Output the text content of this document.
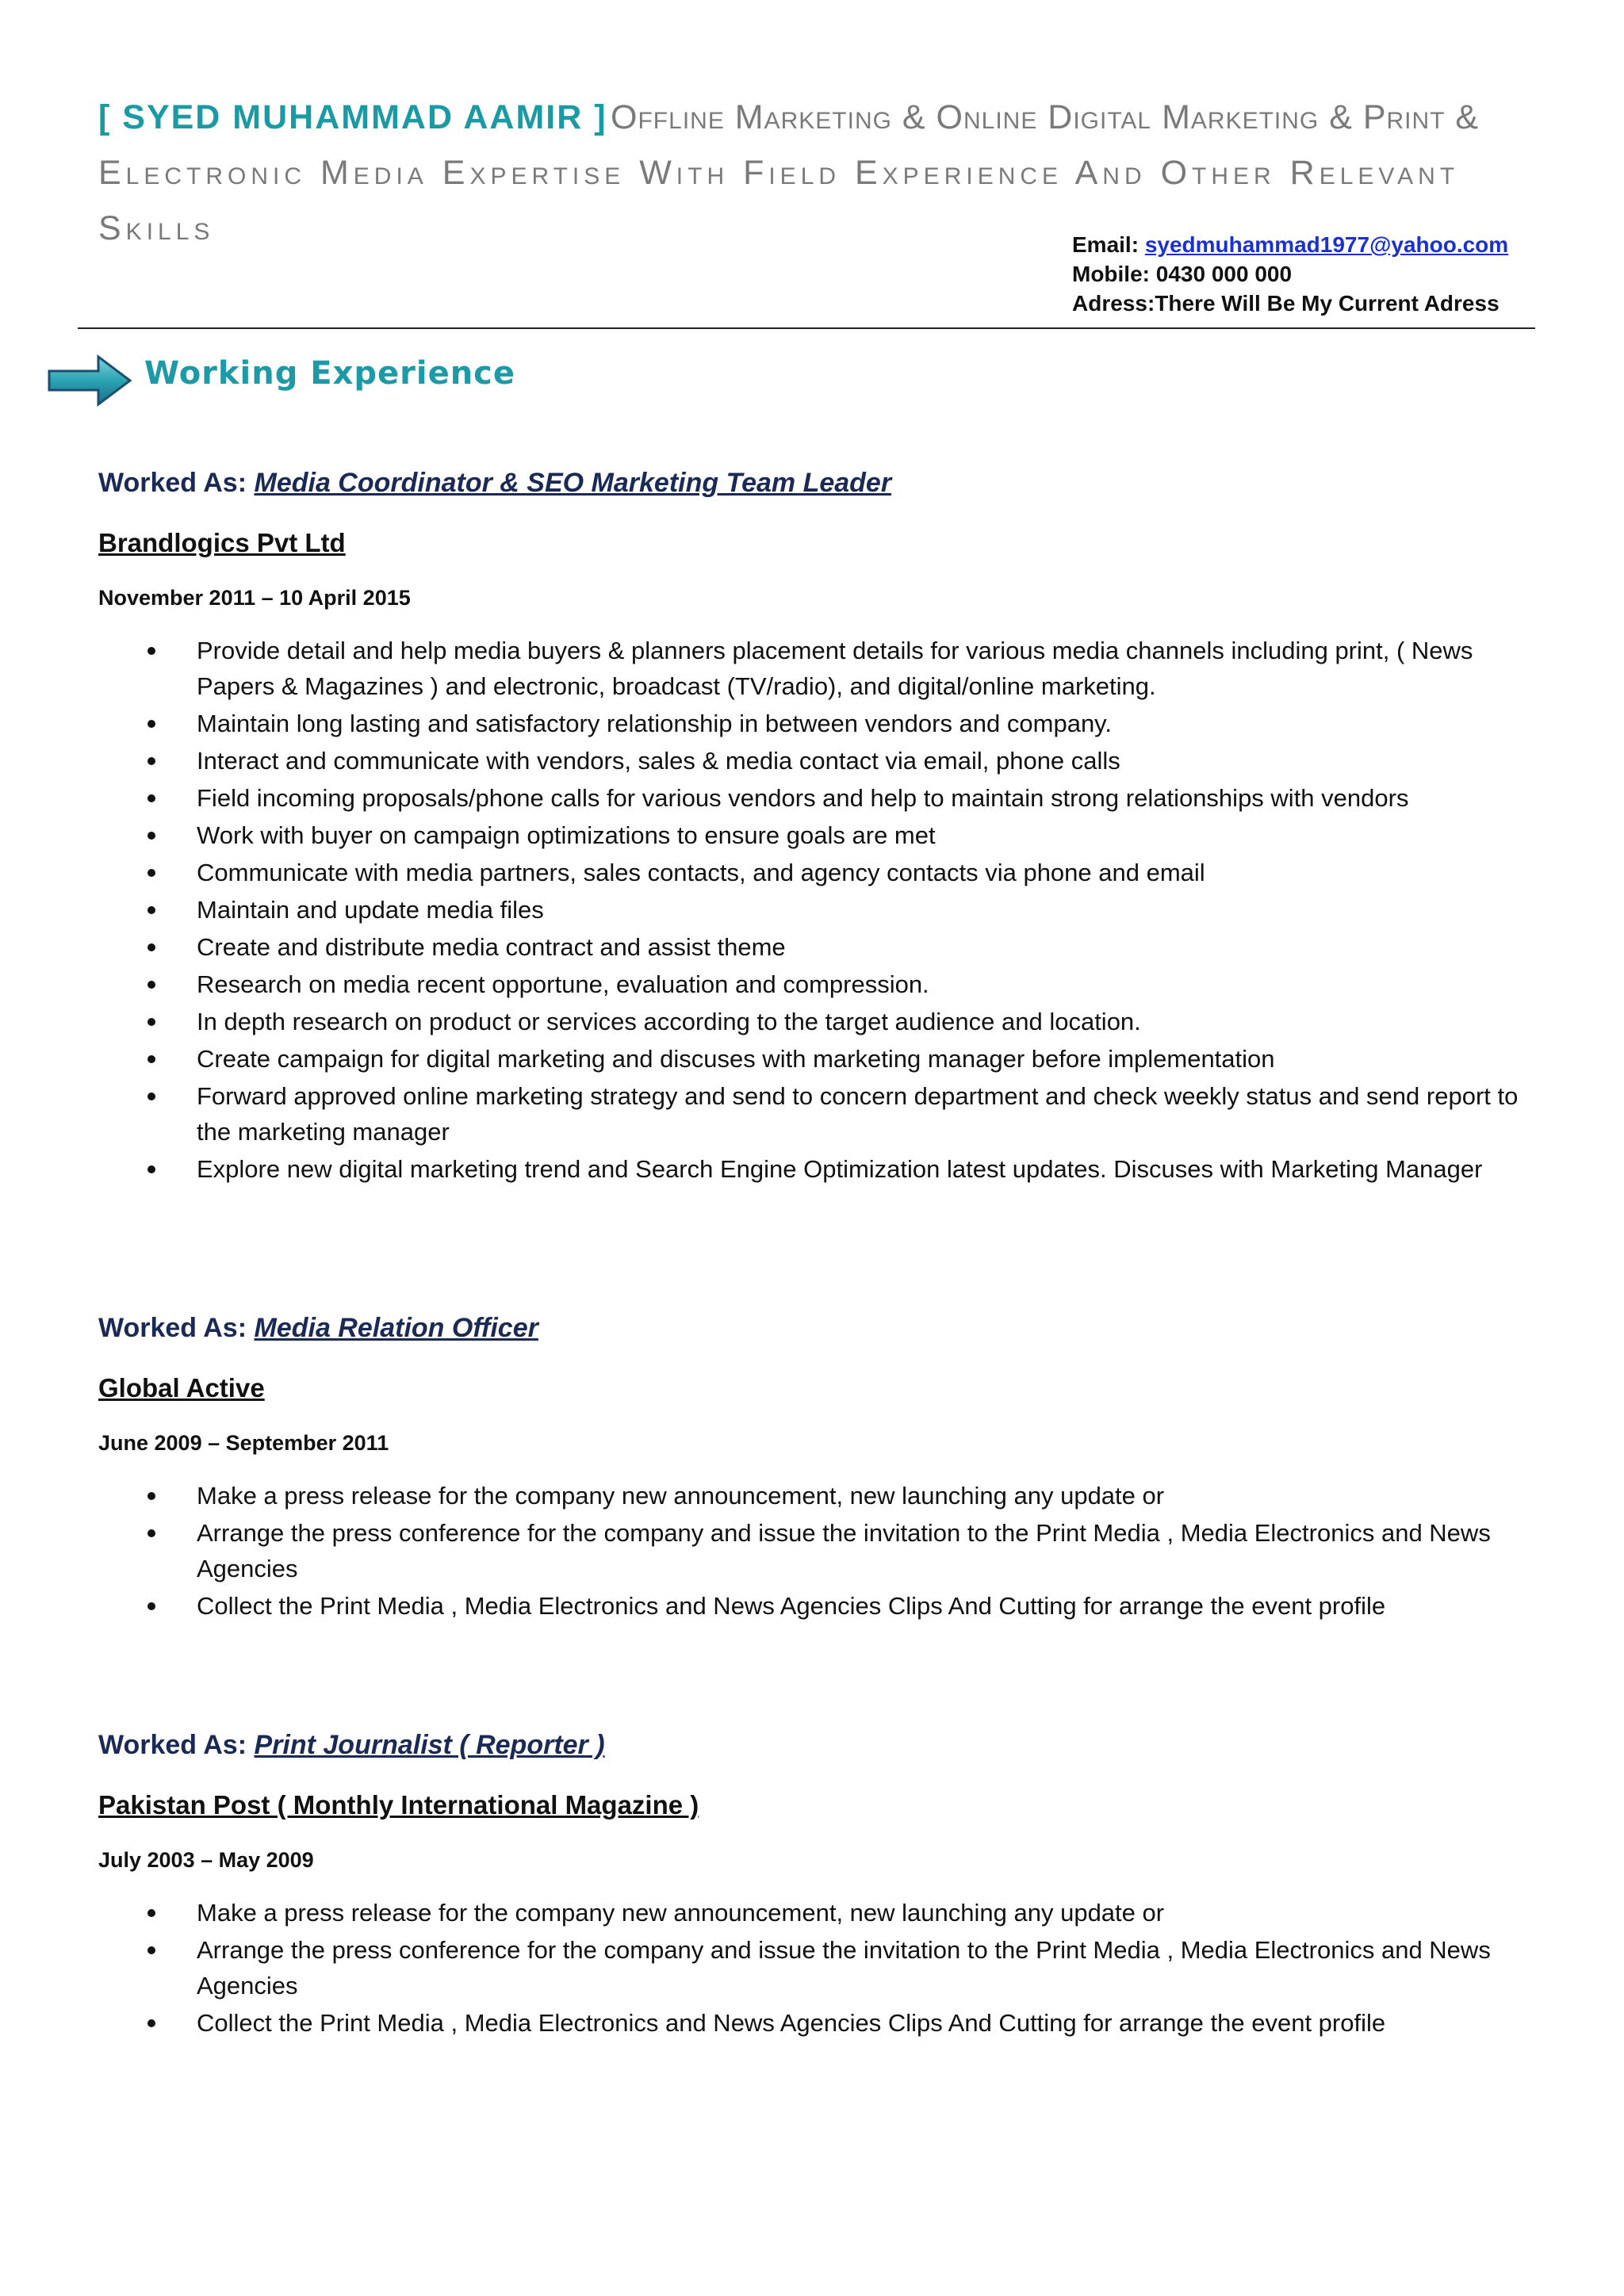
[ SYED MUHAMMAD AAMIR ] Offline Marketing & Online Digital Marketing & Print &
Electronic Media Expertise With Field Experience And Other Relevant Skills	Email: syedmuhammad1977@yahoo.com
Mobile: 0430 000 000
Adress:There Will Be My Current Adress
Working Experience
Worked As: Media Coordinator & SEO Marketing Team Leader
Brandlogics Pvt Ltd
November 2011 – 10 April 2015
Provide detail and help media buyers & planners placement details for various media channels including print, ( News Papers & Magazines ) and electronic, broadcast (TV/radio), and digital/online marketing.
Maintain long lasting and satisfactory relationship in between vendors and company.
Interact and communicate with vendors, sales & media contact via email, phone calls
Field incoming proposals/phone calls for various vendors and help to maintain strong relationships with vendors
Work with buyer on campaign optimizations to ensure goals are met
Communicate with media partners, sales contacts, and agency contacts via phone and email
Maintain and update media files
Create and distribute media contract and assist theme
Research on media recent opportune, evaluation and compression.
In depth research on product or services according to the target audience and location.
Create campaign for digital marketing and discuses with marketing manager before implementation
Forward approved online marketing strategy and send to concern department and check weekly status and send report to the marketing manager
Explore new digital marketing trend and Search Engine Optimization latest updates. Discuses with Marketing Manager
Worked As: Media Relation Officer
Global Active
June 2009 – September 2011
Make a press release for the company new announcement, new launching any update or
Arrange the press conference for the company and issue the invitation to the Print Media , Media Electronics and News Agencies
Collect the Print Media , Media Electronics and News Agencies Clips And Cutting for arrange the event profile
Worked As: Print Journalist ( Reporter )
Pakistan Post ( Monthly International Magazine )
July 2003 – May 2009
Make a press release for the company new announcement, new launching any update or
Arrange the press conference for the company and issue the invitation to the Print Media , Media Electronics and News Agencies
Collect the Print Media , Media Electronics and News Agencies Clips And Cutting for arrange the event profile
